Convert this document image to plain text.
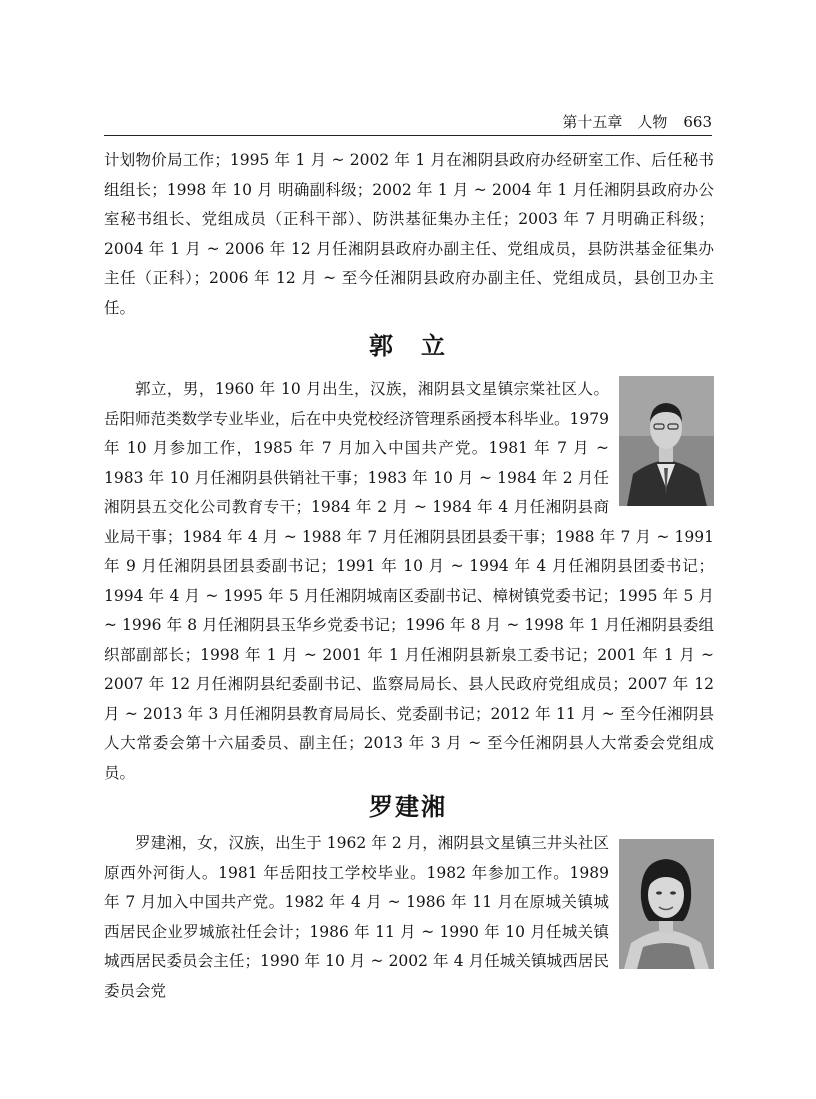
第十五章　人物 663

计划物价局工作；1995 年 1 月 ~ 2002 年 1 月在湘阴县政府办经研室工作、后任秘书组组长；1998 年 10 月 明确副科级；2002 年 1 月 ~ 2004 年 1 月任湘阴县政府办公室秘书组长、党组成员（正科干部）、防洪基征集办主任；2003 年 7 月明确正科级；2004 年 1 月 ~ 2006 年 12 月任湘阴县政府办副主任、党组成员，县防洪基金征集办主任（正科）；2006 年 12 月 ~ 至今任湘阴县政府办副主任、党组成员，县创卫办主任。

郭　立

郭立，男，1960 年 10 月出生，汉族，湘阴县文星镇宗棠社区人。岳阳师范类数学专业毕业，后在中央党校经济管理系函授本科毕业。1979 年 10 月参加工作，1985 年 7 月加入中国共产党。1981 年 7 月 ~ 1983 年 10 月任湘阴县供销社干事；1983 年 10 月 ~ 1984 年 2 月任湘阴县五交化公司教育专干；1984 年 2 月 ~ 1984 年 4 月任湘阴县商业局干事；1984 年 4 月 ~ 1988 年 7 月任湘阴县团县委干事；1988 年 7 月 ~ 1991 年 9 月任湘阴县团县委副书记；1991 年 10 月 ~ 1994 年 4 月任湘阴县团委书记；1994 年 4 月 ~ 1995 年 5 月任湘阴城南区委副书记、樟树镇党委书记；1995 年 5 月 ~ 1996 年 8 月任湘阴县玉华乡党委书记；1996 年 8 月 ~ 1998 年 1 月任湘阴县委组织部副部长；1998 年 1 月 ~ 2001 年 1 月任湘阴县新泉工委书记；2001 年 1 月 ~ 2007 年 12 月任湘阴县纪委副书记、监察局局长、县人民政府党组成员；2007 年 12 月 ~ 2013 年 3 月任湘阴县教育局局长、党委副书记；2012 年 11 月 ~ 至今任湘阴县人大常委会第十六届委员、副主任；2013 年 3 月 ~ 至今任湘阴县人大常委会党组成员。

罗建湘

罗建湘，女，汉族，出生于 1962 年 2 月，湘阴县文星镇三井头社区原西外河街人。1981 年岳阳技工学校毕业。1982 年参加工作。1989 年 7 月加入中国共产党。1982 年 4 月 ~ 1986 年 11 月在原城关镇城西居民企业罗城旅社任会计；1986 年 11 月 ~ 1990 年 10 月任城关镇城西居民委员会主任；1990 年 10 月 ~ 2002 年 4 月任城关镇城西居民委员会党
